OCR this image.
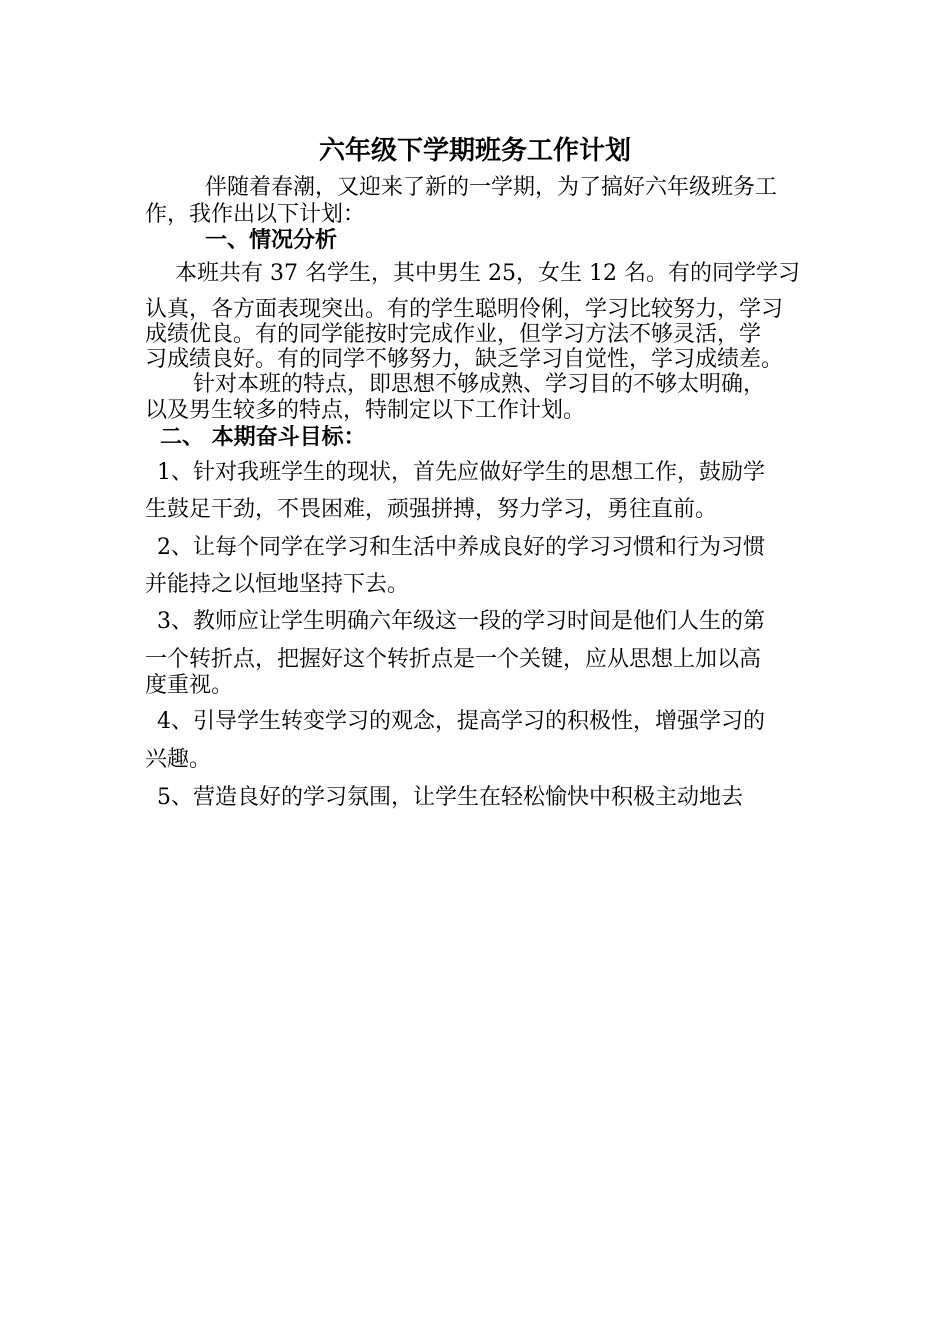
六年级下学期班务工作计划
伴随着春潮，又迎来了新的一学期，为了搞好六年级班务工
作，我作出以下计划：
一、情况分析
本班共有 37 名学生，其中男生 25，女生 12 名。有的同学学习
认真，各方面表现突出。有的学生聪明伶俐，学习比较努力，学习
成绩优良。有的同学能按时完成作业，但学习方法不够灵活，学
习成绩良好。有的同学不够努力，缺乏学习自觉性，学习成绩差。
针对本班的特点，即思想不够成熟、学习目的不够太明确，
以及男生较多的特点，特制定以下工作计划。
二、 本期奋斗目标：
1、针对我班学生的现状，首先应做好学生的思想工作，鼓励学
生鼓足干劲，不畏困难，顽强拼搏，努力学习，勇往直前。
2、让每个同学在学习和生活中养成良好的学习习惯和行为习惯
并能持之以恒地坚持下去。
3、教师应让学生明确六年级这一段的学习时间是他们人生的第
一个转折点，把握好这个转折点是一个关键，应从思想上加以高
度重视。
4、引导学生转变学习的观念，提高学习的积极性，增强学习的
兴趣。
5、营造良好的学习氛围，让学生在轻松愉快中积极主动地去
